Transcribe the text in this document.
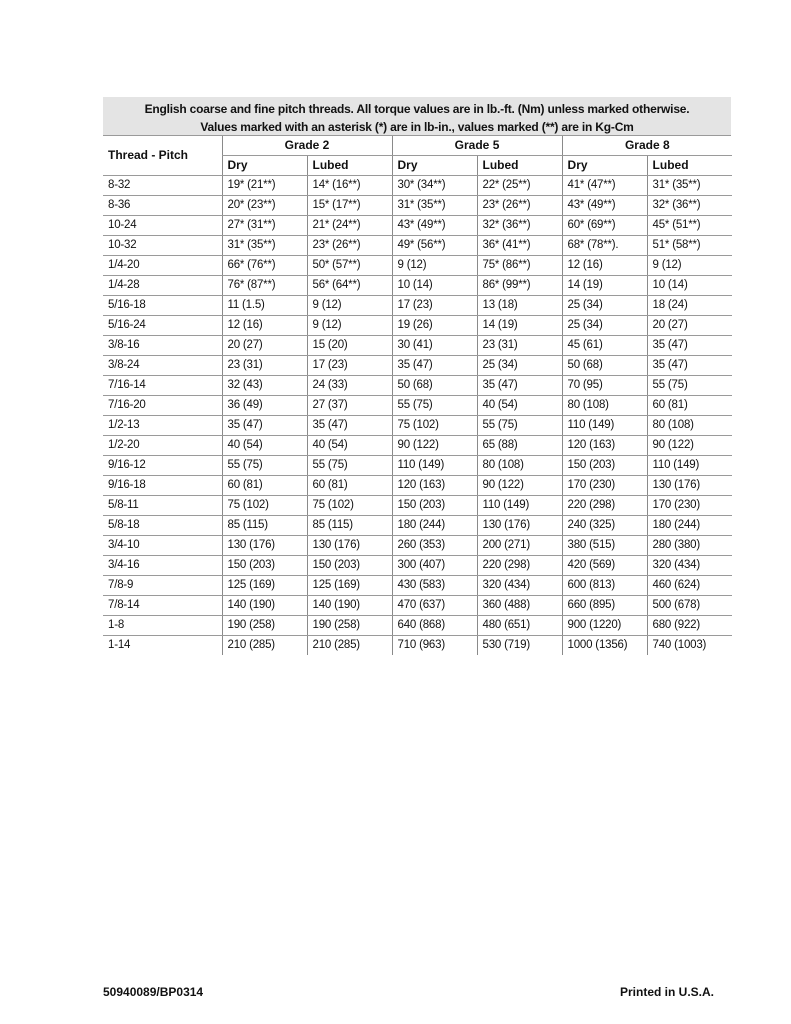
English coarse and fine pitch threads. All torque values are in lb.-ft. (Nm) unless marked otherwise.
Values marked with an asterisk (*) are in lb-in., values marked (**) are in Kg-Cm
Thread - Pitch	Grade 2		Grade 5		Grade 8	
	Dry	Lubed	Dry	Lubed	Dry	Lubed
8-32	19* (21**)	14* (16**)	30* (34**)	22* (25**)	41* (47**)	31* (35**)
8-36	20* (23**)	15* (17**)	31* (35**)	23* (26**)	43* (49**)	32* (36**)
10-24	27* (31**)	21* (24**)	43* (49**)	32* (36**)	60* (69**)	45* (51**)
10-32	31* (35**)	23* (26**)	49* (56**)	36* (41**)	68* (78**).	51* (58**)
1/4-20	66* (76**)	50* (57**)	9 (12)	75* (86**)	12 (16)	9 (12)
1/4-28	76* (87**)	56* (64**)	10 (14)	86* (99**)	14 (19)	10 (14)
5/16-18	11 (1.5)	9 (12)	17 (23)	13 (18)	25 (34)	18 (24)
5/16-24	12 (16)	9 (12)	19 (26)	14 (19)	25 (34)	20 (27)
3/8-16	20 (27)	15 (20)	30 (41)	23 (31)	45 (61)	35 (47)
3/8-24	23 (31)	17 (23)	35 (47)	25 (34)	50 (68)	35 (47)
7/16-14	32 (43)	24 (33)	50 (68)	35 (47)	70 (95)	55 (75)
7/16-20	36 (49)	27 (37)	55 (75)	40 (54)	80 (108)	60 (81)
1/2-13	35 (47)	35 (47)	75 (102)	55 (75)	110 (149)	80 (108)
1/2-20	40 (54)	40 (54)	90 (122)	65 (88)	120 (163)	90 (122)
9/16-12	55 (75)	55 (75)	110 (149)	80 (108)	150 (203)	110 (149)
9/16-18	60 (81)	60 (81)	120 (163)	90 (122)	170 (230)	130 (176)
5/8-11	75 (102)	75 (102)	150 (203)	110 (149)	220 (298)	170 (230)
5/8-18	85 (115)	85 (115)	180 (244)	130 (176)	240 (325)	180 (244)
3/4-10	130 (176)	130 (176)	260 (353)	200 (271)	380 (515)	280 (380)
3/4-16	150 (203)	150 (203)	300 (407)	220 (298)	420 (569)	320 (434)
7/8-9	125 (169)	125 (169)	430 (583)	320 (434)	600 (813)	460 (624)
7/8-14	140 (190)	140 (190)	470 (637)	360 (488)	660 (895)	500 (678)
1-8	190 (258)	190 (258)	640 (868)	480 (651)	900 (1220)	680 (922)
1-14	210 (285)	210 (285)	710 (963)	530 (719)	1000 (1356)	740 (1003)
50940089/BP0314	Printed in U.S.A.
